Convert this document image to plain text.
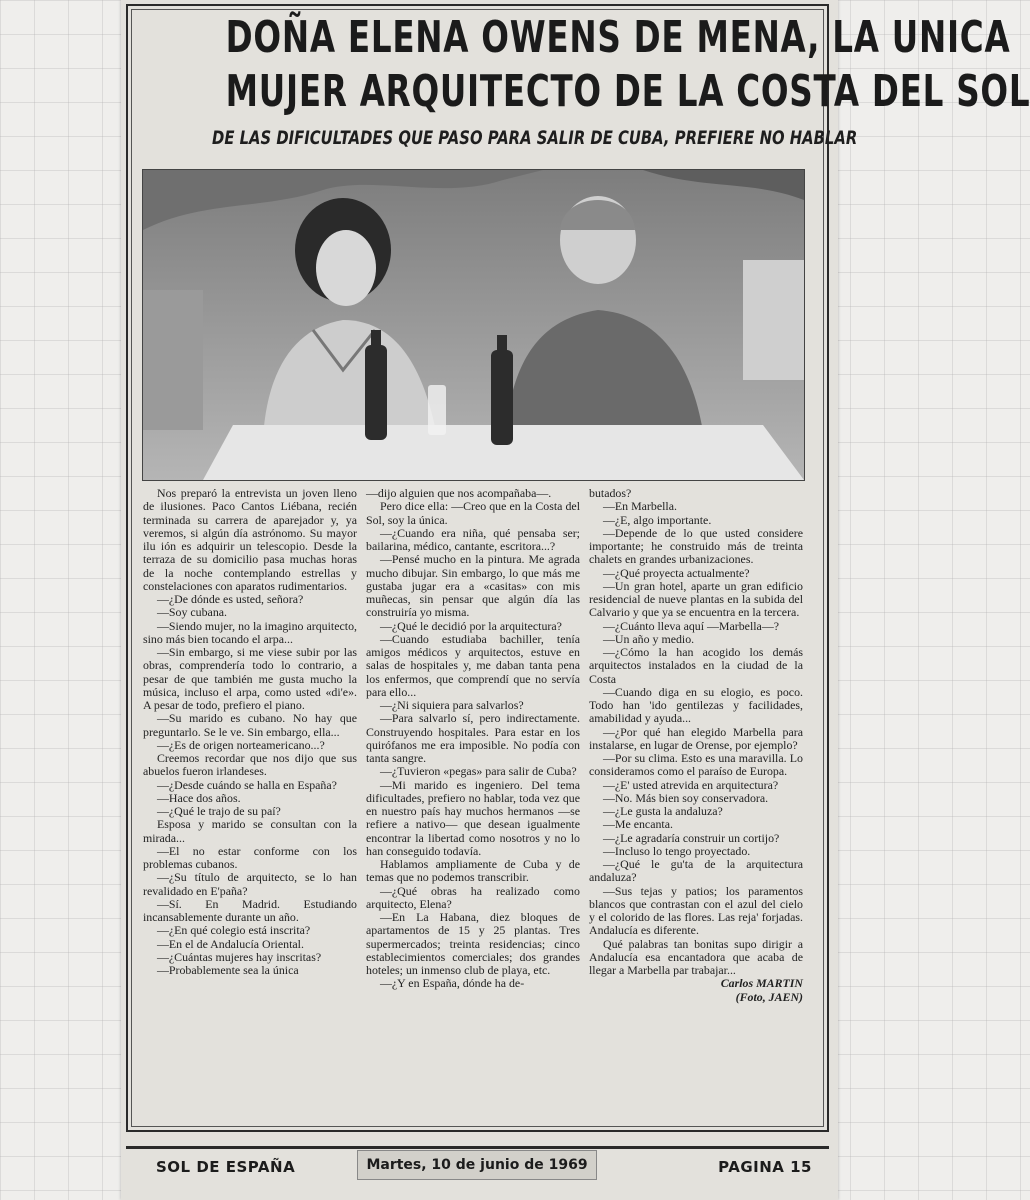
DOÑA ELENA OWENS DE MENA, LA UNICA
MUJER ARQUITECTO DE LA COSTA DEL SOL
DE LAS DIFICULTADES QUE PASO PARA SALIR DE CUBA, PREFIERE NO HABLAR

Nos preparó la entrevista un joven lleno de ilusiones. Paco Cantos Liébana, recién terminada su carrera de aparejador y, ya veremos, si algún día astrónomo. Su mayor ilu ión es adquirir un telescopio. Desde la terraza de su domicilio pasa muchas horas de la noche contemplando estrellas y constelaciones con aparatos rudimentarios.

—¿De dónde es usted, señora?

—Soy cubana.

—Siendo mujer, no la imagino arquitecto, sino más bien tocando el arpa...

—Sin embargo, si me viese subir por las obras, comprendería todo lo contrario, a pesar de que también me gusta mucho la música, incluso el arpa, como usted «di'e». A pesar de todo, prefiero el piano.

—Su marido es cubano. No hay que preguntarlo. Se le ve. Sin embargo, ella...

—¿Es de origen norteamericano...?

Creemos recordar que nos dijo que sus abuelos fueron irlandeses.

—¿Desde cuándo se halla en España?

—Hace dos años.

—¿Qué le trajo de su paí?

Esposa y marido se consultan con la mirada...

—El no estar conforme con los problemas cubanos.

—¿Su título de arquitecto, se lo han revalidado en E'paña?

—Sí. En Madrid. Estudiando incansablemente durante un año.

—¿En qué colegio está inscrita?

—En el de Andalucía Oriental.

—¿Cuántas mujeres hay inscritas?

—Probablemente sea la única

—dijo alguien que nos acompañaba—.

Pero dice ella: —Creo que en la Costa del Sol, soy la única.

—¿Cuando era niña, qué pensaba ser; bailarina, médico, cantante, escritora...?

—Pensé mucho en la pintura. Me agrada mucho dibujar. Sin embargo, lo que más me gustaba jugar era a «casitas» con mis muñecas, sin pensar que algún día las construiría yo misma.

—¿Qué le decidió por la arquitectura?

—Cuando estudiaba bachiller, tenía amigos médicos y arquitectos, estuve en salas de hospitales y, me daban tanta pena los enfermos, que comprendí que no servía para ello...

—¿Ni siquiera para salvarlos?

—Para salvarlo sí, pero indirectamente. Construyendo hospitales. Para estar en los quirófanos me era imposible. No podía con tanta sangre.

—¿Tuvieron «pegas» para salir de Cuba?

—Mi marido es ingeniero. Del tema dificultades, prefiero no hablar, toda vez que en nuestro país hay muchos hermanos —se refiere a nativo— que desean igualmente encontrar la libertad como nosotros y no lo han conseguido todavía.

Hablamos ampliamente de Cuba y de temas que no podemos transcribir.

—¿Qué obras ha realizado como arquitecto, Elena?

—En La Habana, diez bloques de apartamentos de 15 y 25 plantas. Tres supermercados; treinta residencias; cinco establecimientos comerciales; dos grandes hoteles; un inmenso club de playa, etc.

—¿Y en España, dónde ha de-

butados?

—En Marbella.

—¿E, algo importante.

—Depende de lo que usted considere importante; he construido más de treinta chalets en grandes urbanizaciones.

—¿Qué proyecta actualmente?

—Un gran hotel, aparte un gran edificio residencial de nueve plantas en la subida del Calvario y que ya se encuentra en la tercera.

—¿Cuánto lleva aquí —Marbella—?

—Un año y medio.

—¿Cómo la han acogido los demás arquitectos instalados en la ciudad de la Costa

—Cuando diga en su elogio, es poco. Todo han 'ido gentilezas y facilidades, amabilidad y ayuda...

—¿Por qué han elegido Marbella para instalarse, en lugar de Orense, por ejemplo?

—Por su clima. Esto es una maravilla. Lo consideramos como el paraíso de Europa.

—¿E' usted atrevida en arquitectura?

—No. Más bien soy conservadora.

—¿Le gusta la andaluza?

—Me encanta.

—¿Le agradaría construir un cortijo?

—Incluso lo tengo proyectado.

—¿Qué le gu'ta de la arquitectura andaluza?

—Sus tejas y patios; los paramentos blancos que contrastan con el azul del cielo y el colorido de las flores. Las reja' forjadas. Andalucía es diferente.

Qué palabras tan bonitas supo dirigir a Andalucía esa encantadora que acaba de llegar a Marbella par trabajar...

Carlos MARTIN

(Foto, JAEN)

SOL DE ESPAÑA	Martes, 10 de junio de 1969	PAGINA 15
